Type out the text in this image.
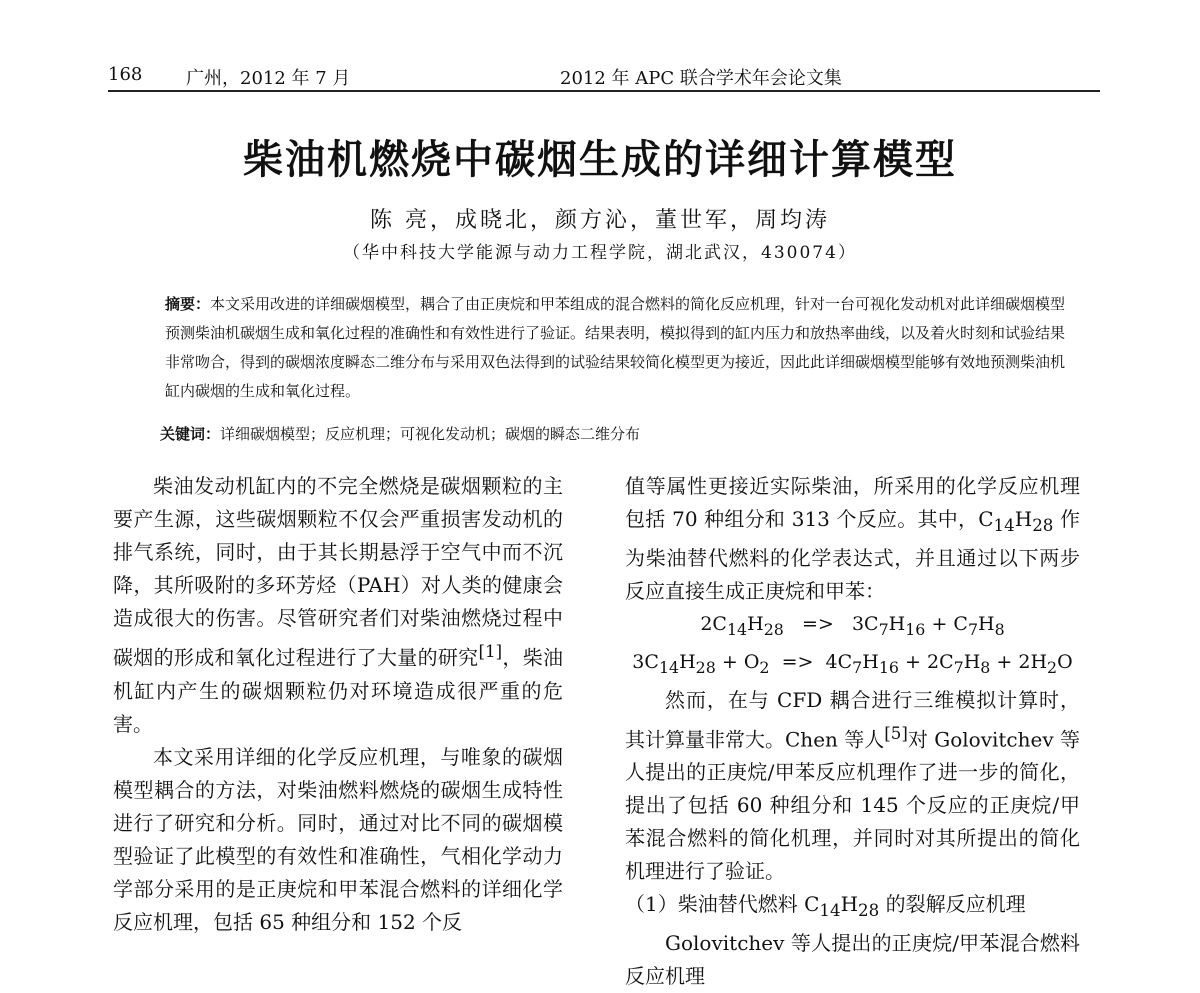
168 广州，2012 年 7 月	2012 年 APC 联合学术年会论文集
柴油机燃烧中碳烟生成的详细计算模型
陈 亮，成晓北，颜方沁，董世军，周均涛
（华中科技大学能源与动力工程学院，湖北武汉，430074）
摘要：本文采用改进的详细碳烟模型，耦合了由正庚烷和甲苯组成的混合燃料的简化反应机理，针对一台可视化发动机对此详细碳烟模型预测柴油机碳烟生成和氧化过程的准确性和有效性进行了验证。结果表明，模拟得到的缸内压力和放热率曲线，以及着火时刻和试验结果非常吻合，得到的碳烟浓度瞬态二维分布与采用双色法得到的试验结果较简化模型更为接近，因此此详细碳烟模型能够有效地预测柴油机缸内碳烟的生成和氧化过程。
关键词：详细碳烟模型；反应机理；可视化发动机；碳烟的瞬态二维分布

柴油发动机缸内的不完全燃烧是碳烟颗粒的主要产生源，这些碳烟颗粒不仅会严重损害发动机的排气系统，同时，由于其长期悬浮于空气中而不沉降，其所吸附的多环芳烃（PAH）对人类的健康会造成很大的伤害。尽管研究者们对柴油燃烧过程中碳烟的形成和氧化过程进行了大量的研究[1]，柴油机缸内产生的碳烟颗粒仍对环境造成很严重的危害。

本文采用详细的化学反应机理，与唯象的碳烟模型耦合的方法，对柴油燃料燃烧的碳烟生成特性进行了研究和分析。同时，通过对比不同的碳烟模型验证了此模型的有效性和准确性，气相化学动力学部分采用的是正庚烷和甲苯混合燃料的详细化学反应机理，包括 65 种组分和 152 个反

值等属性更接近实际柴油，所采用的化学反应机理包括 70 种组分和 313 个反应。其中，$C_{14}H_{28}$ 作为柴油替代燃料的化学表达式，并且通过以下两步反应直接生成正庚烷和甲苯：

$2C_{14}H_{28} => 3C_7H_{16} + C_7H_8$
$3C_{14}H_{28} + O_2 => 4C_7H_{16} + 2C_7H_8 + 2H_2O$

然而，在与 CFD 耦合进行三维模拟计算时，其计算量非常大。Chen 等人[5]对 Golovitchev 等人提出的正庚烷/甲苯反应机理作了进一步的简化，提出了包括 60 种组分和 145 个反应的正庚烷/甲苯混合燃料的简化机理，并同时对其所提出的简化机理进行了验证。

（1）柴油替代燃料 $C_{14}H_{28}$ 的裂解反应机理

Golovitchev 等人提出的正庚烷/甲苯混合燃料反应机理
